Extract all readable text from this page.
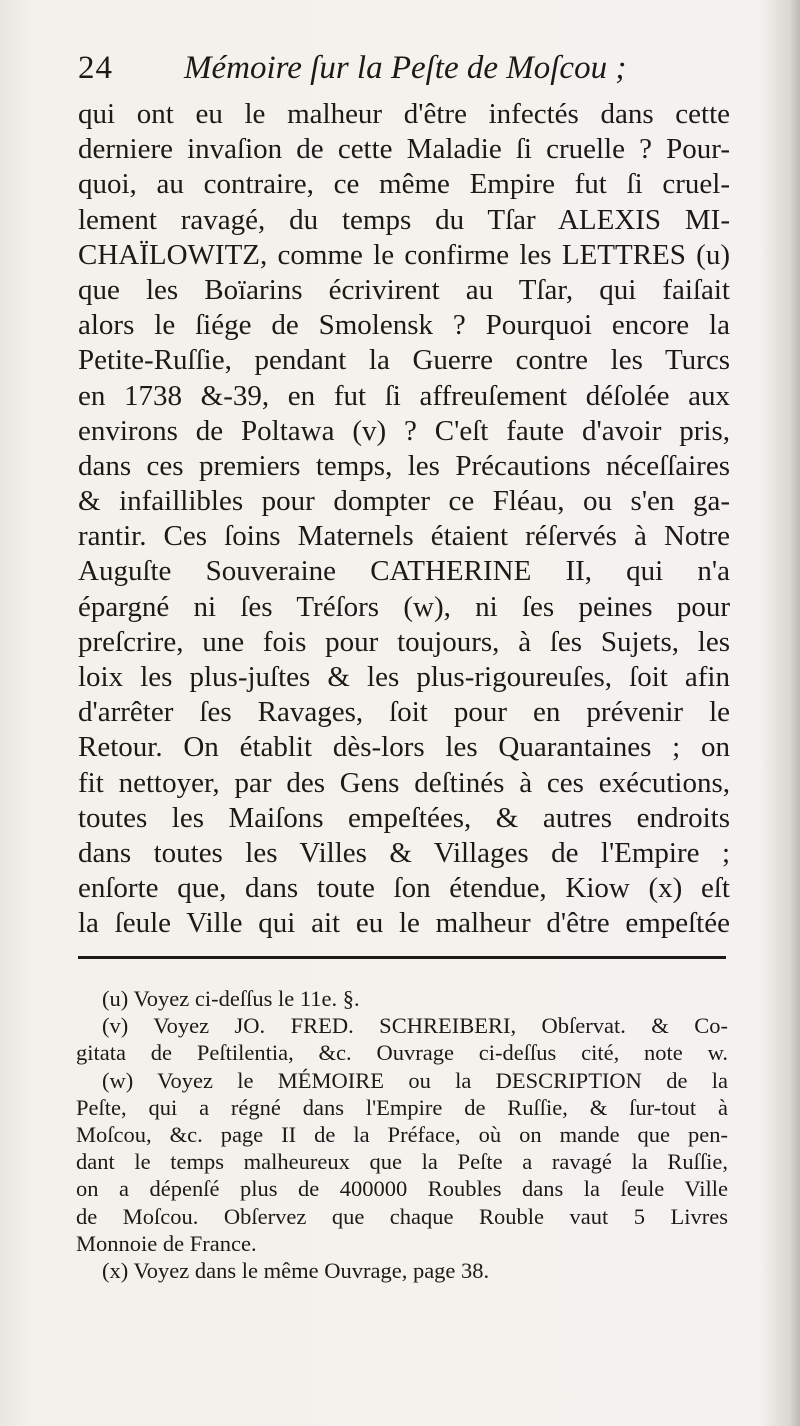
24 Mémoire ſur la Peſte de Moſcou ;
qui ont eu le malheur d'être infectés dans cette
derniere invaſion de cette Maladie ſi cruelle ? Pour-
quoi, au contraire, ce même Empire fut ſi cruel-
lement ravagé, du temps du Tſar ALEXIS MI-
CHAÏLOWITZ, comme le confirme les LETTRES (u)
que les Boïarins écrivirent au Tſar, qui faiſait
alors le ſiége de Smolensk ? Pourquoi encore la
Petite-Ruſſie, pendant la Guerre contre les Turcs
en 1738 &-39, en fut ſi affreuſement déſolée aux
environs de Poltawa (v) ? C'eſt faute d'avoir pris,
dans ces premiers temps, les Précautions néceſſaires
& infaillibles pour dompter ce Fléau, ou s'en ga-
rantir. Ces ſoins Maternels étaient réſervés à Notre
Auguſte Souveraine CATHERINE II, qui n'a
épargné ni ſes Tréſors (w), ni ſes peines pour
preſcrire, une fois pour toujours, à ſes Sujets, les
loix les plus-juſtes & les plus-rigoureuſes, ſoit afin
d'arrêter ſes Ravages, ſoit pour en prévenir le
Retour. On établit dès-lors les Quarantaines ; on
fit nettoyer, par des Gens deſtinés à ces exécutions,
toutes les Maiſons empeſtées, & autres endroits
dans toutes les Villes & Villages de l'Empire ;
enſorte que, dans toute ſon étendue, Kiow (x) eſt
la ſeule Ville qui ait eu le malheur d'être empeſtée
(u) Voyez ci-deſſus le 11e. §.
(v) Voyez JO. FRED. SCHREIBERI, Obſervat. & Co-
gitata de Peſtilentia, &c. Ouvrage ci-deſſus cité, note w.
(w) Voyez le MÉMOIRE ou la DESCRIPTION de la
Peſte, qui a régné dans l'Empire de Ruſſie, & ſur-tout à
Moſcou, &c. page II de la Préface, où on mande que pen-
dant le temps malheureux que la Peſte a ravagé la Ruſſie,
on a dépenſé plus de 400000 Roubles dans la ſeule Ville
de Moſcou. Obſervez que chaque Rouble vaut 5 Livres
Monnoie de France.
(x) Voyez dans le même Ouvrage, page 38.
